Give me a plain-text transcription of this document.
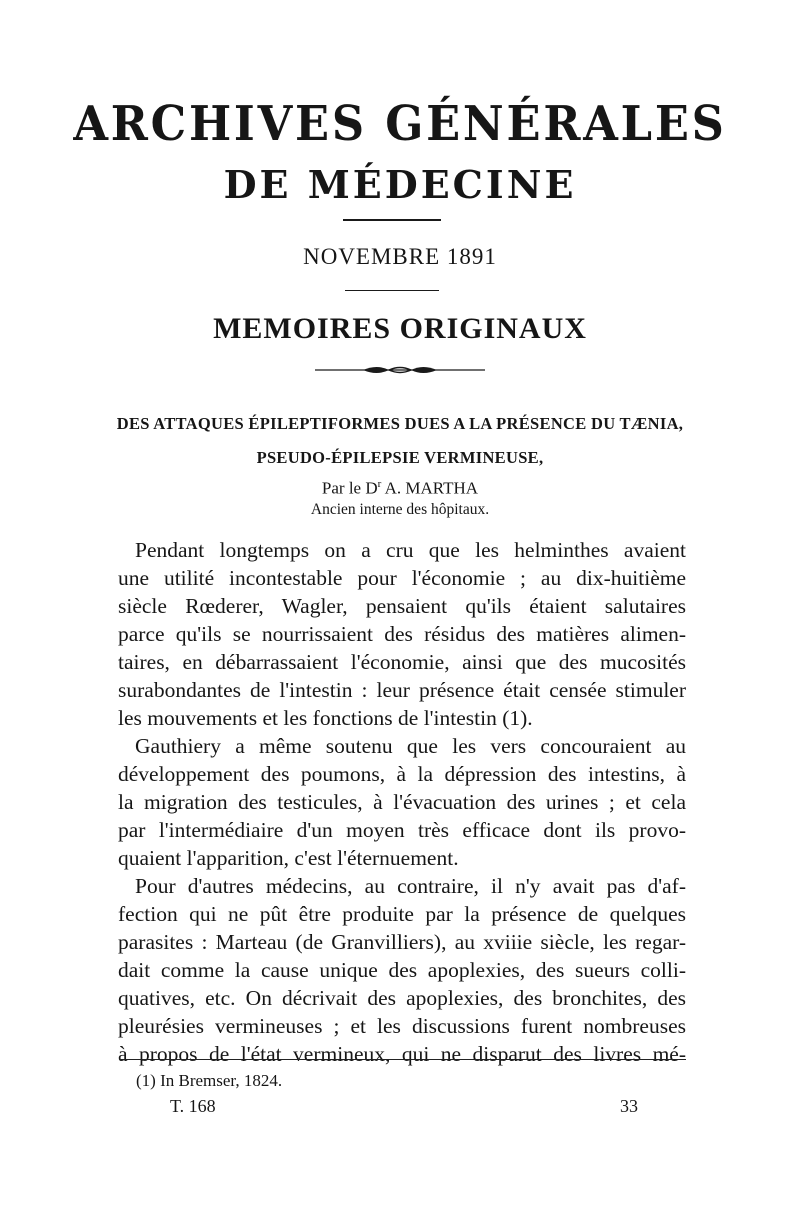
ARCHIVES GÉNÉRALES
DE MÉDECINE
NOVEMBRE 1891
MEMOIRES ORIGINAUX
DES ATTAQUES ÉPILEPTIFORMES DUES A LA PRÉSENCE DU TÆNIA,
PSEUDO-ÉPILEPSIE VERMINEUSE,
Par le $D^r$ A. MARTHA
Ancien interne des hôpitaux.
Pendant longtemps on a cru que les helminthes avaient
une utilité incontestable pour l'économie ; au dix-huitième
siècle Rœderer, Wagler, pensaient qu'ils étaient salutaires
parce qu'ils se nourrissaient des résidus des matières alimen-
taires, en débarrassaient l'économie, ainsi que des mucosités
surabondantes de l'intestin : leur présence était censée stimuler
les mouvements et les fonctions de l'intestin (1).
Gauthiery a même soutenu que les vers concouraient au
développement des poumons, à la dépression des intestins, à
la migration des testicules, à l'évacuation des urines ; et cela
par l'intermédiaire d'un moyen très efficace dont ils provo-
quaient l'apparition, c'est l'éternuement.
Pour d'autres médecins, au contraire, il n'y avait pas d'af-
fection qui ne pût être produite par la présence de quelques
parasites : Marteau (de Granvilliers), au xviiie siècle, les regar-
dait comme la cause unique des apoplexies, des sueurs colli-
quatives, etc. On décrivait des apoplexies, des bronchites, des
pleurésies vermineuses ; et les discussions furent nombreuses
à propos de l'état vermineux, qui ne disparut des livres mé-
(1) In Bremser, 1824.
T. 168	33
